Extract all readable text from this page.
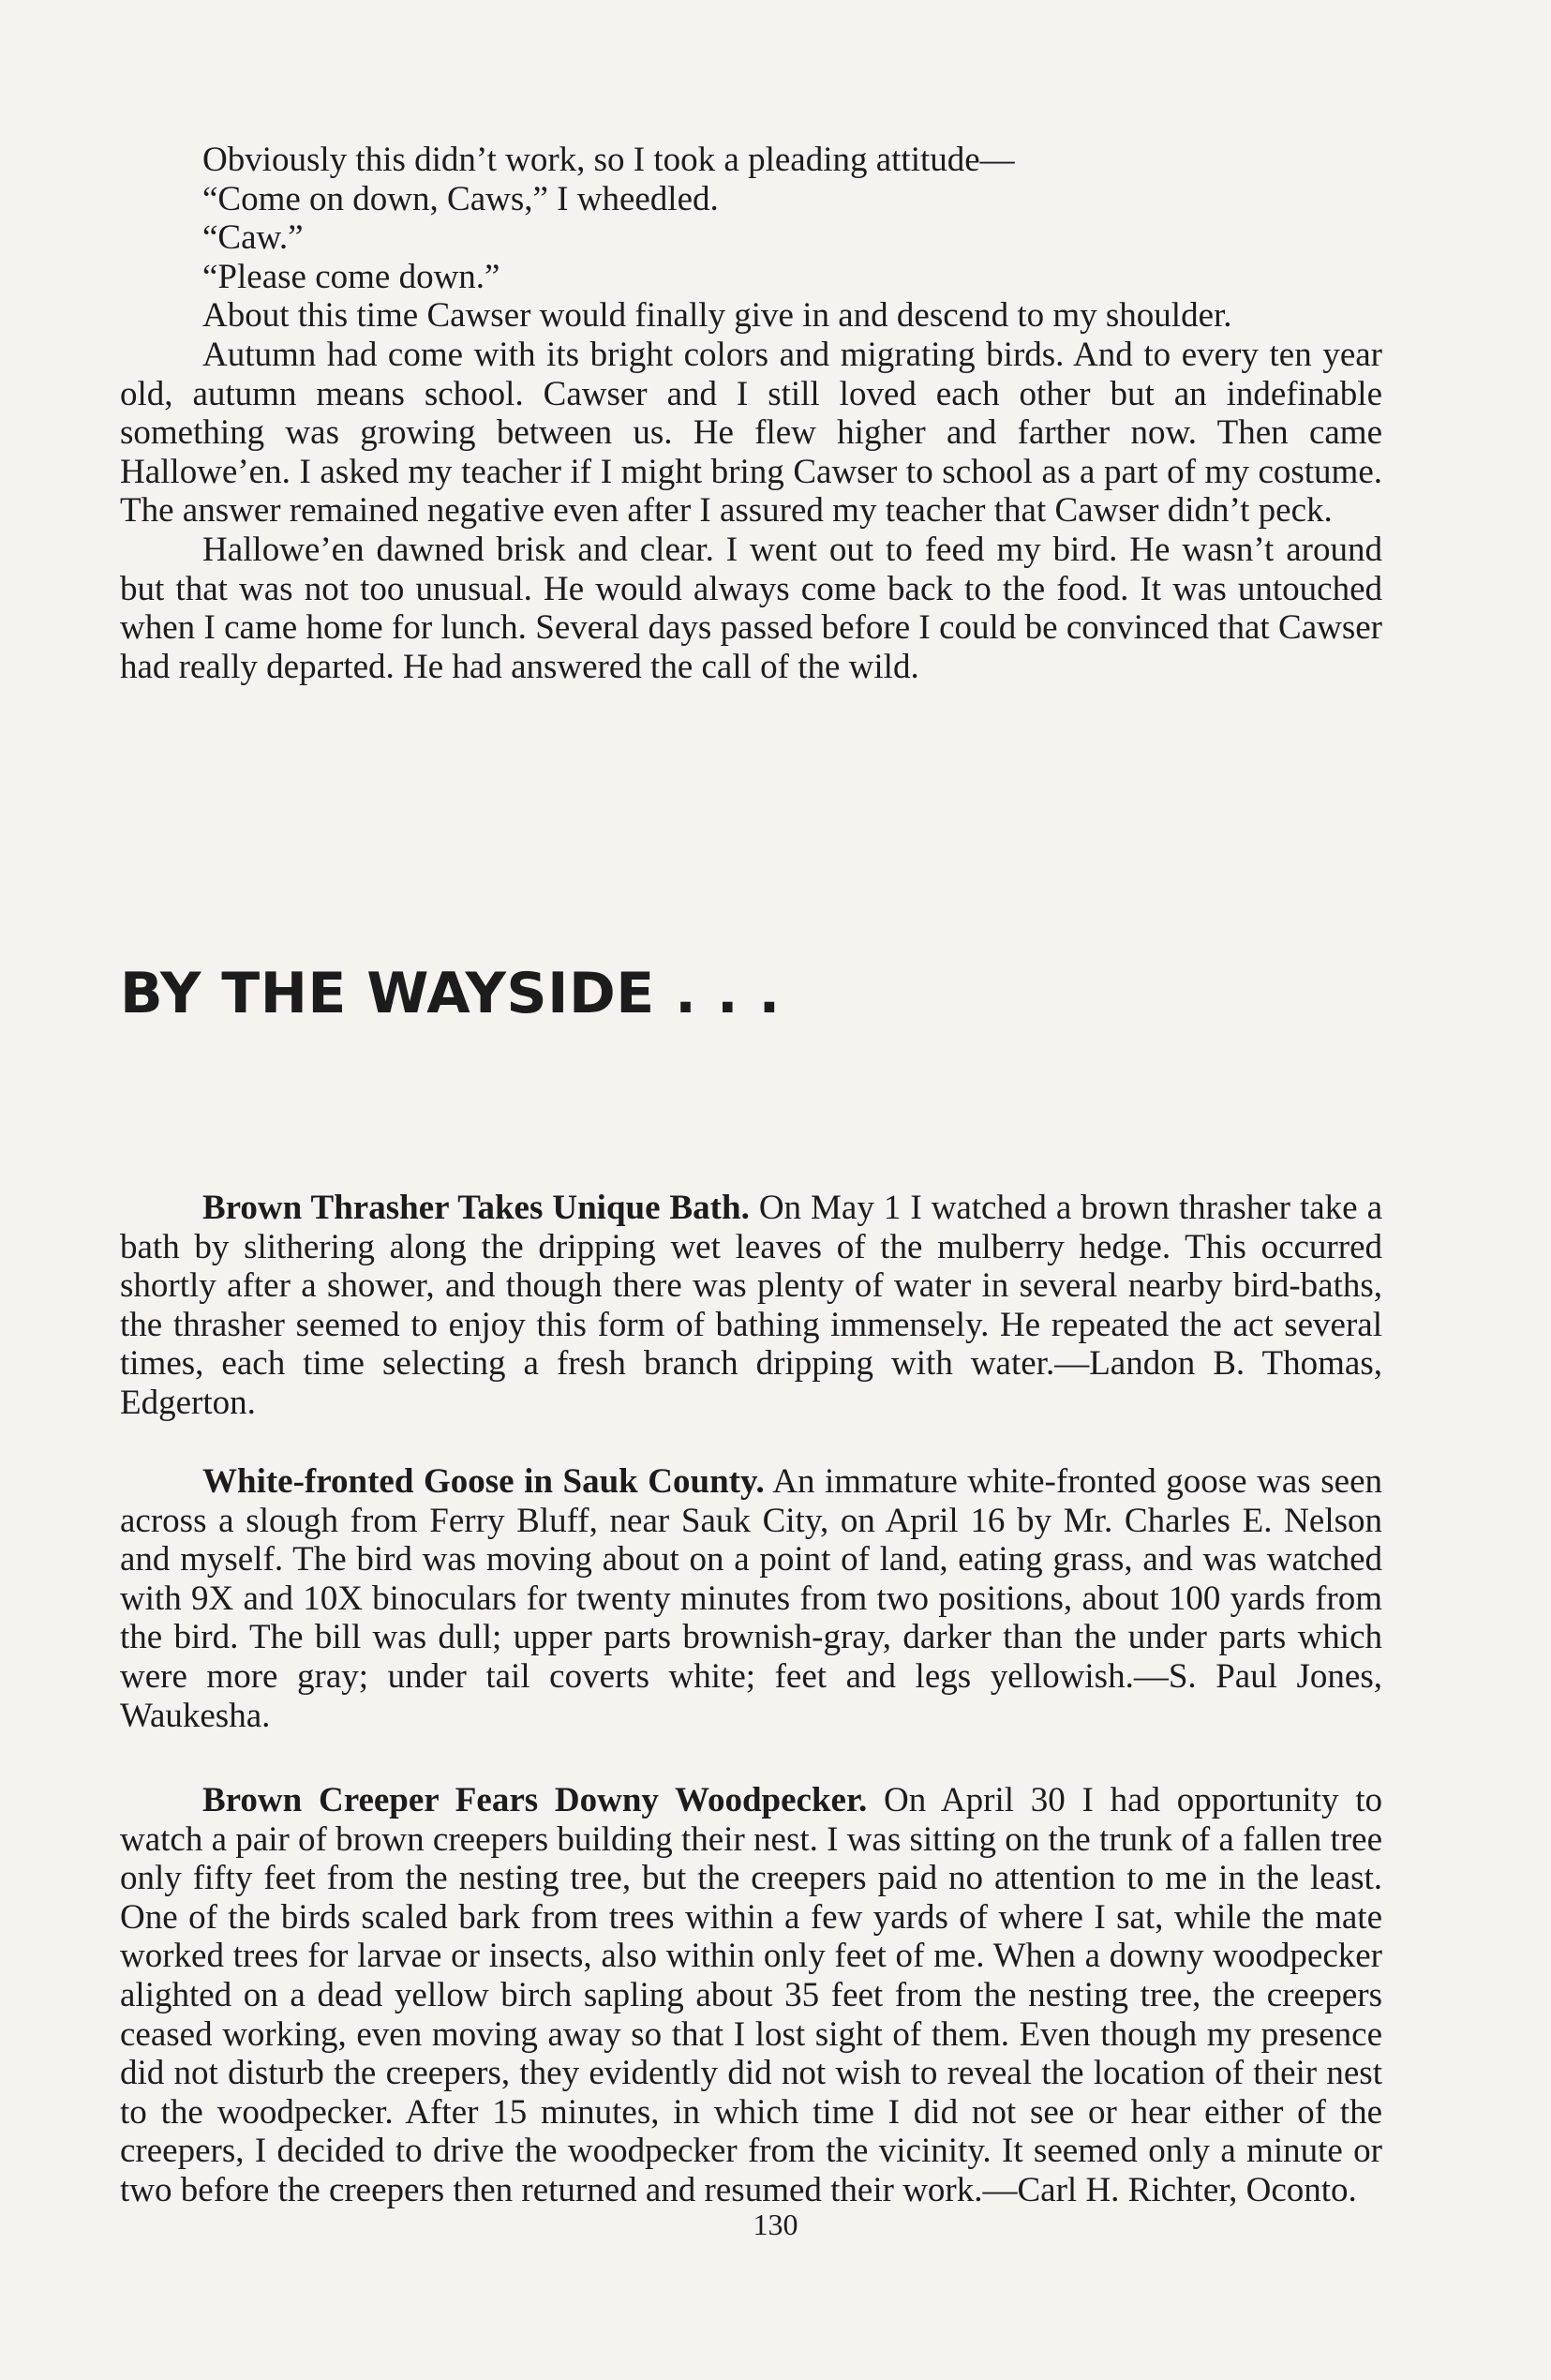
Obviously this didn’t work, so I took a pleading attitude—

“Come on down, Caws,” I wheedled.

“Caw.”

“Please come down.”

About this time Cawser would finally give in and descend to my shoulder.

Autumn had come with its bright colors and migrating birds. And to every ten year old, autumn means school. Cawser and I still loved each other but an indefinable something was growing between us. He flew higher and farther now. Then came Hallowe’en. I asked my teacher if I might bring Cawser to school as a part of my costume. The answer remained negative even after I assured my teacher that Cawser didn’t peck.

Hallowe’en dawned brisk and clear. I went out to feed my bird. He wasn’t around but that was not too unusual. He would always come back to the food. It was untouched when I came home for lunch. Several days passed before I could be convinced that Cawser had really departed. He had answered the call of the wild.

BY THE WAYSIDE . . .

Brown Thrasher Takes Unique Bath. On May 1 I watched a brown thrasher take a bath by slithering along the dripping wet leaves of the mulberry hedge. This occurred shortly after a shower, and though there was plenty of water in several nearby bird-baths, the thrasher seemed to enjoy this form of bathing immensely. He repeated the act several times, each time selecting a fresh branch dripping with water.—Landon B. Thomas, Edgerton.

White-fronted Goose in Sauk County. An immature white-fronted goose was seen across a slough from Ferry Bluff, near Sauk City, on April 16 by Mr. Charles E. Nelson and myself. The bird was moving about on a point of land, eating grass, and was watched with 9X and 10X binoculars for twenty minutes from two positions, about 100 yards from the bird. The bill was dull; upper parts brownish-gray, darker than the under parts which were more gray; under tail coverts white; feet and legs yellowish.—S. Paul Jones, Waukesha.

Brown Creeper Fears Downy Woodpecker. On April 30 I had opportunity to watch a pair of brown creepers building their nest. I was sitting on the trunk of a fallen tree only fifty feet from the nesting tree, but the creepers paid no attention to me in the least. One of the birds scaled bark from trees within a few yards of where I sat, while the mate worked trees for larvae or insects, also within only feet of me. When a downy woodpecker alighted on a dead yellow birch sapling about 35 feet from the nesting tree, the creepers ceased working, even moving away so that I lost sight of them. Even though my presence did not disturb the creepers, they evidently did not wish to reveal the location of their nest to the woodpecker. After 15 minutes, in which time I did not see or hear either of the creepers, I decided to drive the woodpecker from the vicinity. It seemed only a minute or two before the creepers then returned and resumed their work.—Carl H. Richter, Oconto.

130
